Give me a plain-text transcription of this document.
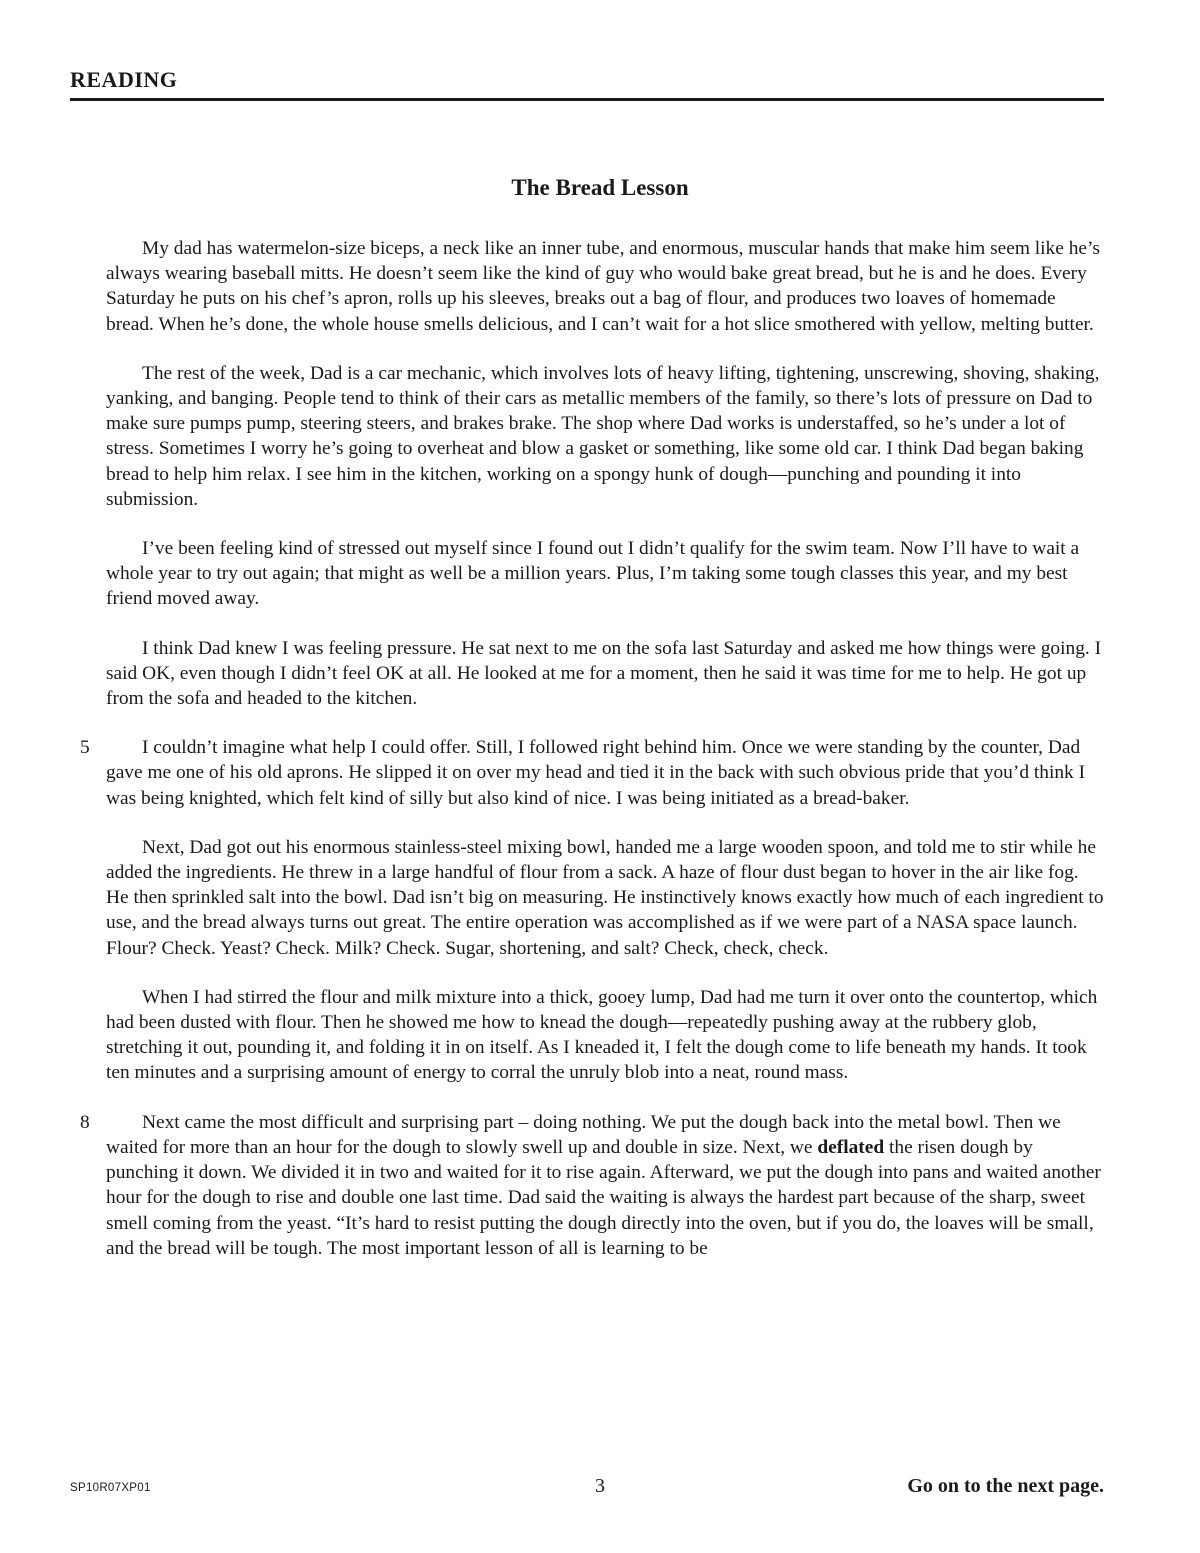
READING
The Bread Lesson

My dad has watermelon-size biceps, a neck like an inner tube, and enormous, muscular hands that make him seem like he’s always wearing baseball mitts. He doesn’t seem like the kind of guy who would bake great bread, but he is and he does. Every Saturday he puts on his chef’s apron, rolls up his sleeves, breaks out a bag of flour, and produces two loaves of homemade bread. When he’s done, the whole house smells delicious, and I can’t wait for a hot slice smothered with yellow, melting butter.

The rest of the week, Dad is a car mechanic, which involves lots of heavy lifting, tightening, unscrewing, shoving, shaking, yanking, and banging. People tend to think of their cars as metallic members of the family, so there’s lots of pressure on Dad to make sure pumps pump, steering steers, and brakes brake. The shop where Dad works is understaffed, so he’s under a lot of stress. Sometimes I worry he’s going to overheat and blow a gasket or something, like some old car. I think Dad began baking bread to help him relax. I see him in the kitchen, working on a spongy hunk of dough—punching and pounding it into submission.

I’ve been feeling kind of stressed out myself since I found out I didn’t qualify for the swim team. Now I’ll have to wait a whole year to try out again; that might as well be a million years. Plus, I’m taking some tough classes this year, and my best friend moved away.

I think Dad knew I was feeling pressure. He sat next to me on the sofa last Saturday and asked me how things were going. I said OK, even though I didn’t feel OK at all. He looked at me for a moment, then he said it was time for me to help. He got up from the sofa and headed to the kitchen.

5	I couldn’t imagine what help I could offer. Still, I followed right behind him. Once we were standing by the counter, Dad gave me one of his old aprons. He slipped it on over my head and tied it in the back with such obvious pride that you’d think I was being knighted, which felt kind of silly but also kind of nice. I was being initiated as a bread-baker.

Next, Dad got out his enormous stainless-steel mixing bowl, handed me a large wooden spoon, and told me to stir while he added the ingredients. He threw in a large handful of flour from a sack. A haze of flour dust began to hover in the air like fog. He then sprinkled salt into the bowl. Dad isn’t big on measuring. He instinctively knows exactly how much of each ingredient to use, and the bread always turns out great. The entire operation was accomplished as if we were part of a NASA space launch. Flour? Check. Yeast? Check. Milk? Check. Sugar, shortening, and salt? Check, check, check.

When I had stirred the flour and milk mixture into a thick, gooey lump, Dad had me turn it over onto the countertop, which had been dusted with flour. Then he showed me how to knead the dough—repeatedly pushing away at the rubbery glob, stretching it out, pounding it, and folding it in on itself. As I kneaded it, I felt the dough come to life beneath my hands. It took ten minutes and a surprising amount of energy to corral the unruly blob into a neat, round mass.

8	Next came the most difficult and surprising part – doing nothing. We put the dough back into the metal bowl. Then we waited for more than an hour for the dough to slowly swell up and double in size. Next, we deflated the risen dough by punching it down. We divided it in two and waited for it to rise again. Afterward, we put the dough into pans and waited another hour for the dough to rise and double one last time. Dad said the waiting is always the hardest part because of the sharp, sweet smell coming from the yeast. “It’s hard to resist putting the dough directly into the oven, but if you do, the loaves will be small, and the bread will be tough. The most important lesson of all is learning to be

SP10R07XP01	3	Go on to the next page.
